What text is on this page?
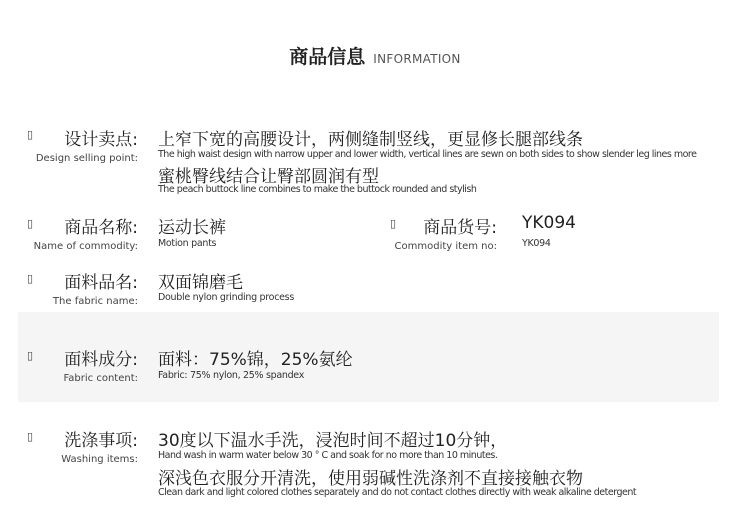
商品信息 INFORMATION
▯	设计卖点:
Design selling point:
上窄下宽的高腰设计，两侧缝制竖线，更显修长腿部线条
The high waist design with narrow upper and lower width, vertical lines are sewn on both sides to show slender leg lines more
蜜桃臀线结合让臀部圆润有型
The peach buttock line combines to make the buttock rounded and stylish
▯	商品名称:
Name of commodity:
运动长裤
Motion pants
▯	商品货号:
Commodity item no:
YK094
YK094
▯	面料品名:
The fabric name:
双面锦磨毛
Double nylon grinding process
▯ 面料成分:
Fabric content:
面料：75%锦，25%氨纶
Fabric: 75% nylon, 25% spandex
▯ 洗涤事项:
Washing items:
30度以下温水手洗，浸泡时间不超过10分钟，
Hand wash in warm water below 30 ° C and soak for no more than 10 minutes.
深浅色衣服分开清洗，使用弱碱性洗涤剂不直接接触衣物
Clean dark and light colored clothes separately and do not contact clothes directly with weak alkaline detergent
